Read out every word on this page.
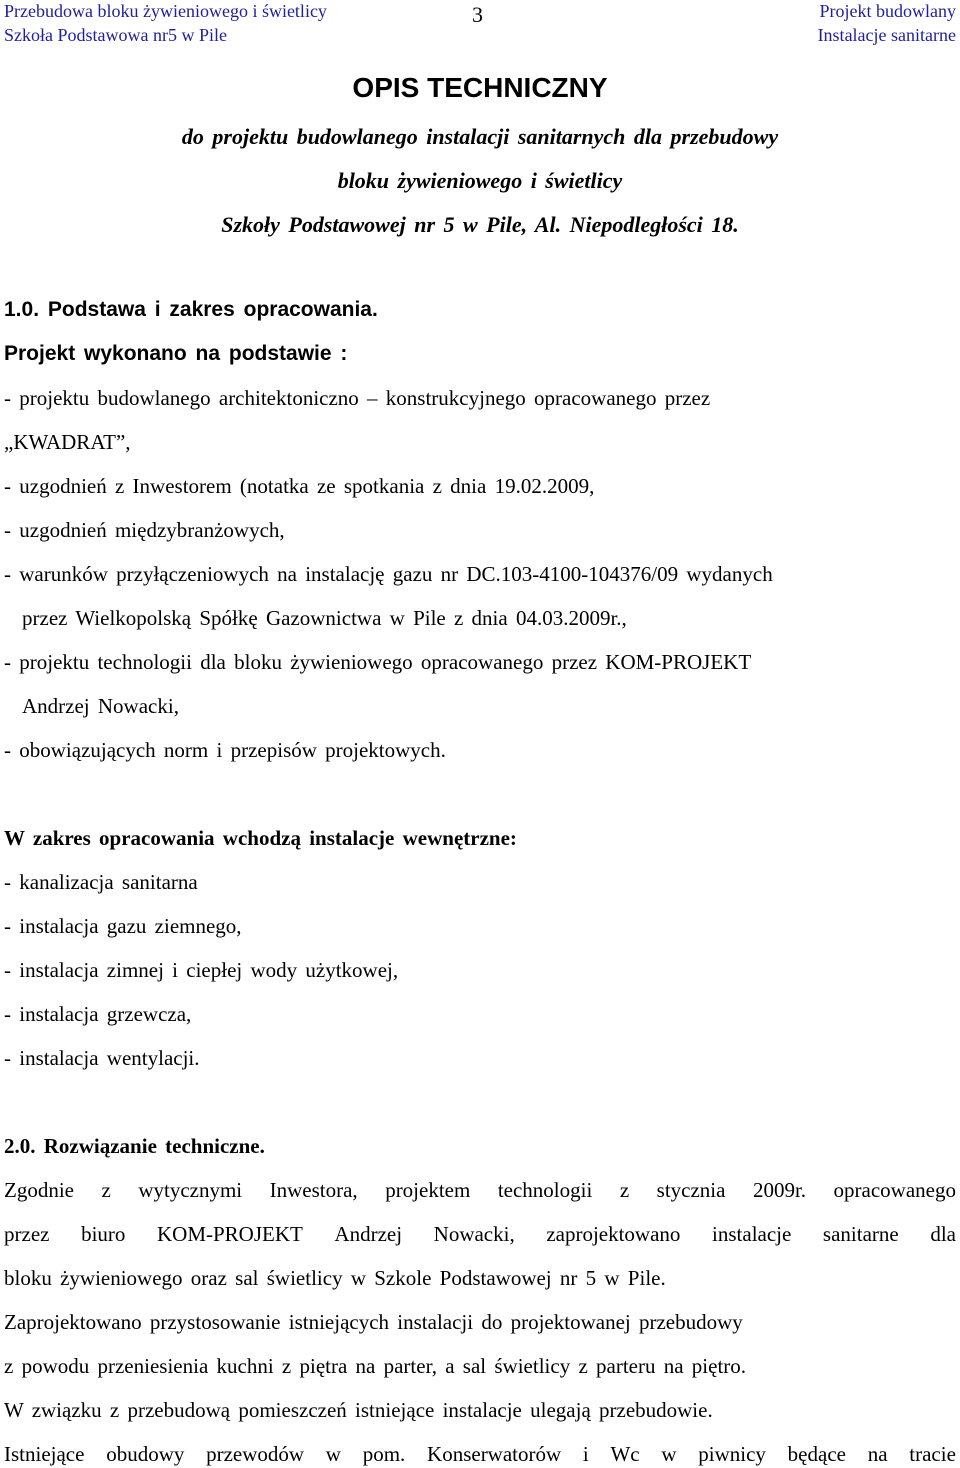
Przebudowa bloku żywieniowego i świetlicy
Szkoła Podstawowa nr5 w Pile
3	Projekt budowlany
Instalacje sanitarne
OPIS TECHNICZNY
do projektu budowlanego instalacji sanitarnych dla przebudowy
bloku żywieniowego i świetlicy
Szkoły Podstawowej nr 5 w Pile, Al. Niepodległości 18.
1.0. Podstawa i zakres opracowania.
Projekt wykonano na podstawie :
- projektu budowlanego architektoniczno – konstrukcyjnego opracowanego przez
„KWADRAT”,
- uzgodnień z Inwestorem (notatka ze spotkania z dnia 19.02.2009,
- uzgodnień międzybranżowych,
- warunków przyłączeniowych na instalację gazu nr DC.103-4100-104376/09 wydanych
przez Wielkopolską Spółkę Gazownictwa w Pile z dnia 04.03.2009r.,
- projektu technologii dla bloku żywieniowego opracowanego przez KOM-PROJEKT
Andrzej Nowacki,
- obowiązujących norm i przepisów projektowych.
W zakres opracowania wchodzą instalacje wewnętrzne:
- kanalizacja sanitarna
- instalacja gazu ziemnego,
- instalacja zimnej i ciepłej wody użytkowej,
- instalacja grzewcza,
- instalacja wentylacji.
2.0. Rozwiązanie techniczne.
Zgodnie z wytycznymi Inwestora, projektem technologii z stycznia 2009r. opracowanego
przez biuro KOM-PROJEKT Andrzej Nowacki, zaprojektowano instalacje sanitarne dla
bloku żywieniowego oraz sal świetlicy w Szkole Podstawowej nr 5 w Pile.
Zaprojektowano przystosowanie istniejących instalacji do projektowanej przebudowy
z powodu przeniesienia kuchni z piętra na parter, a sal świetlicy z parteru na piętro.
W związku z przebudową pomieszczeń istniejące instalacje ulegają przebudowie.
Istniejące obudowy przewodów w pom. Konserwatorów i Wc w piwnicy będące na tracie
